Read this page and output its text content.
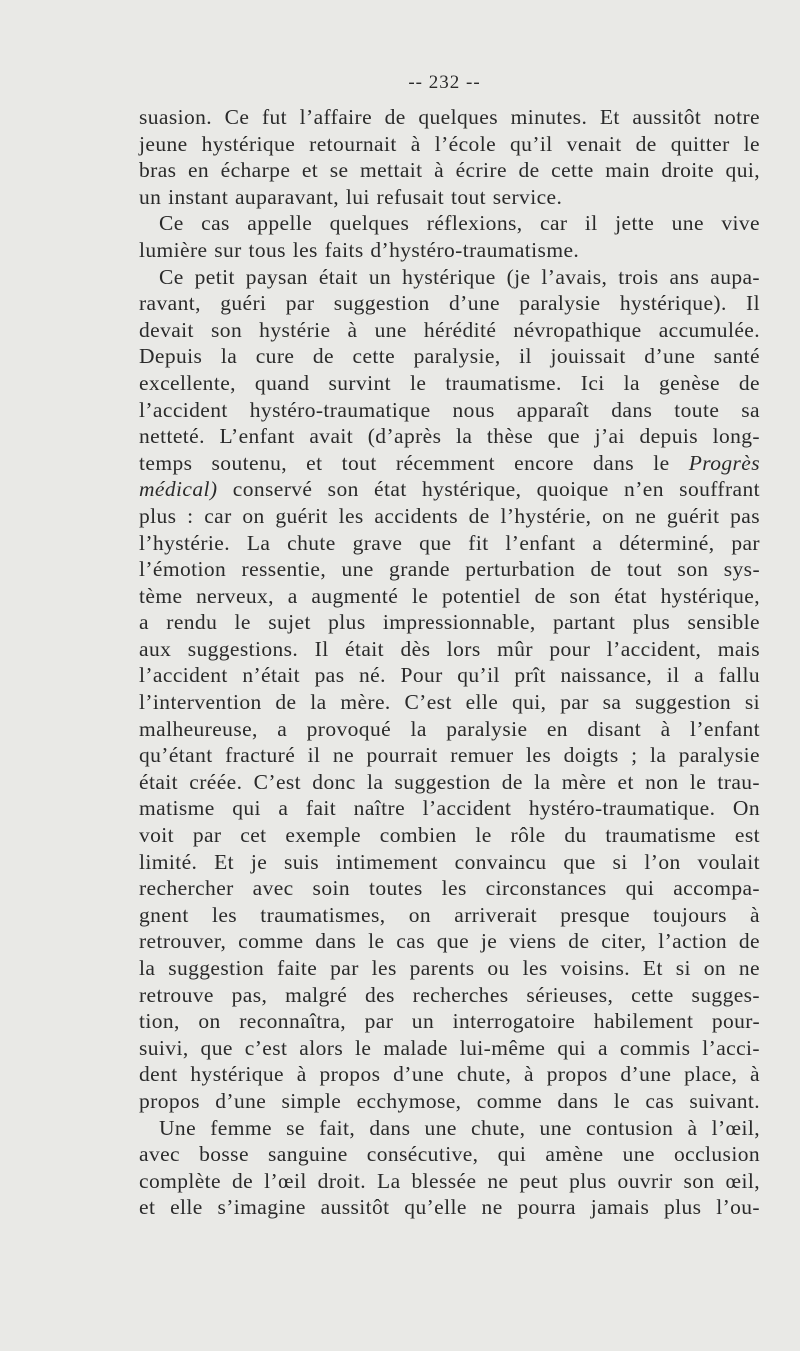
-- 232 --
suasion. Ce fut l’affaire de quelques minutes. Et aussitôt notre
jeune hystérique retournait à l’école qu’il venait de quitter le
bras en écharpe et se mettait à écrire de cette main droite qui,
un instant auparavant, lui refusait tout service.
Ce cas appelle quelques réflexions, car il jette une vive
lumière sur tous les faits d’hystéro-traumatisme.
Ce petit paysan était un hystérique (je l’avais, trois ans aupa-
ravant, guéri par suggestion d’une paralysie hystérique). Il
devait son hystérie à une hérédité névropathique accumulée.
Depuis la cure de cette paralysie, il jouissait d’une santé
excellente, quand survint le traumatisme. Ici la genèse de
l’accident hystéro-traumatique nous apparaît dans toute sa
netteté. L’enfant avait (d’après la thèse que j’ai depuis long-
temps soutenu, et tout récemment encore dans le Progrès
médical) conservé son état hystérique, quoique n’en souffrant
plus : car on guérit les accidents de l’hystérie, on ne guérit pas
l’hystérie. La chute grave que fit l’enfant a déterminé, par
l’émotion ressentie, une grande perturbation de tout son sys-
tème nerveux, a augmenté le potentiel de son état hystérique,
a rendu le sujet plus impressionnable, partant plus sensible
aux suggestions. Il était dès lors mûr pour l’accident, mais
l’accident n’était pas né. Pour qu’il prît naissance, il a fallu
l’intervention de la mère. C’est elle qui, par sa suggestion si
malheureuse, a provoqué la paralysie en disant à l’enfant
qu’étant fracturé il ne pourrait remuer les doigts ; la paralysie
était créée. C’est donc la suggestion de la mère et non le trau-
matisme qui a fait naître l’accident hystéro-traumatique. On
voit par cet exemple combien le rôle du traumatisme est
limité. Et je suis intimement convaincu que si l’on voulait
rechercher avec soin toutes les circonstances qui accompa-
gnent les traumatismes, on arriverait presque toujours à
retrouver, comme dans le cas que je viens de citer, l’action de
la suggestion faite par les parents ou les voisins. Et si on ne
retrouve pas, malgré des recherches sérieuses, cette sugges-
tion, on reconnaîtra, par un interrogatoire habilement pour-
suivi, que c’est alors le malade lui-même qui a commis l’acci-
dent hystérique à propos d’une chute, à propos d’une place, à
propos d’une simple ecchymose, comme dans le cas suivant.
Une femme se fait, dans une chute, une contusion à l’œil,
avec bosse sanguine consécutive, qui amène une occlusion
complète de l’œil droit. La blessée ne peut plus ouvrir son œil,
et elle s’imagine aussitôt qu’elle ne pourra jamais plus l’ou-
